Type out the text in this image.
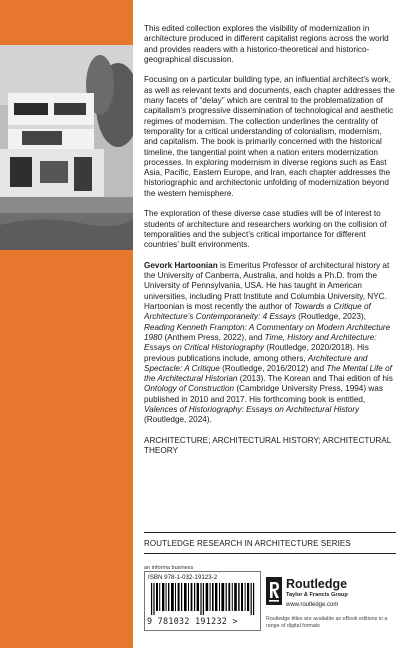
This edited collection explores the visibility of modernization in architecture produced in different capitalist regions across the world and provides readers with a historico-theoretical and historico-geographical discussion.

Focusing on a particular building type, an influential architect’s work, as well as relevant texts and documents, each chapter addresses the many facets of “delay” which are central to the problematization of capitalism’s progressive dissemination of technological and aesthetic regimes of modernism. The collection underlines the centrality of temporality for a critical understanding of colonialism, modernism, and capitalism. The book is primarily concerned with the historical timeline, the tangential point when a nation enters modernization processes. In exploring modernism in diverse regions such as East Asia, Pacific, Eastern Europe, and Iran, each chapter addresses the historiographic and architectonic unfolding of modernization beyond the western hemisphere.

The exploration of these diverse case studies will be of interest to students of architecture and researchers working on the collision of temporalities and the subject’s critical importance for different countries’ built environments.

Gevork Hartoonian is Emeritus Professor of architectural history at the University of Canberra, Australia, and holds a Ph.D. from the University of Pennsylvania, USA. He has taught in American universities, including Pratt Institute and Columbia University, NYC. Hartoonian is most recently the author of Towards a Critique of Architecture’s Contemporaneity: 4 Essays (Routledge, 2023), Reading Kenneth Frampton: A Commentary on Modern Architecture 1980 (Anthem Press, 2022), and Time, History and Architecture: Essays on Critical Historiography (Routledge, 2020/2018). His previous publications include, among others, Architecture and Spectacle: A Critique (Routledge, 2016/2012) and The Mental Life of the Architectural Historian (2013). The Korean and Thai edition of his Ontology of Construction (Cambridge University Press, 1994) was published in 2010 and 2017. His forthcoming book is entitled, Valences of Historiography: Essays on Architectural History (Routledge, 2024).

ARCHITECTURE; ARCHITECTURAL HISTORY; ARCHITECTURAL THEORY
ROUTLEDGE RESEARCH IN ARCHITECTURE SERIES
an informa business
ISBN 978-1-032-19123-2
9 781032 191232 >
Routledge
Taylor & Francis Group
www.routledge.com
Routledge titles are available as eBook editions in a range of digital formats
